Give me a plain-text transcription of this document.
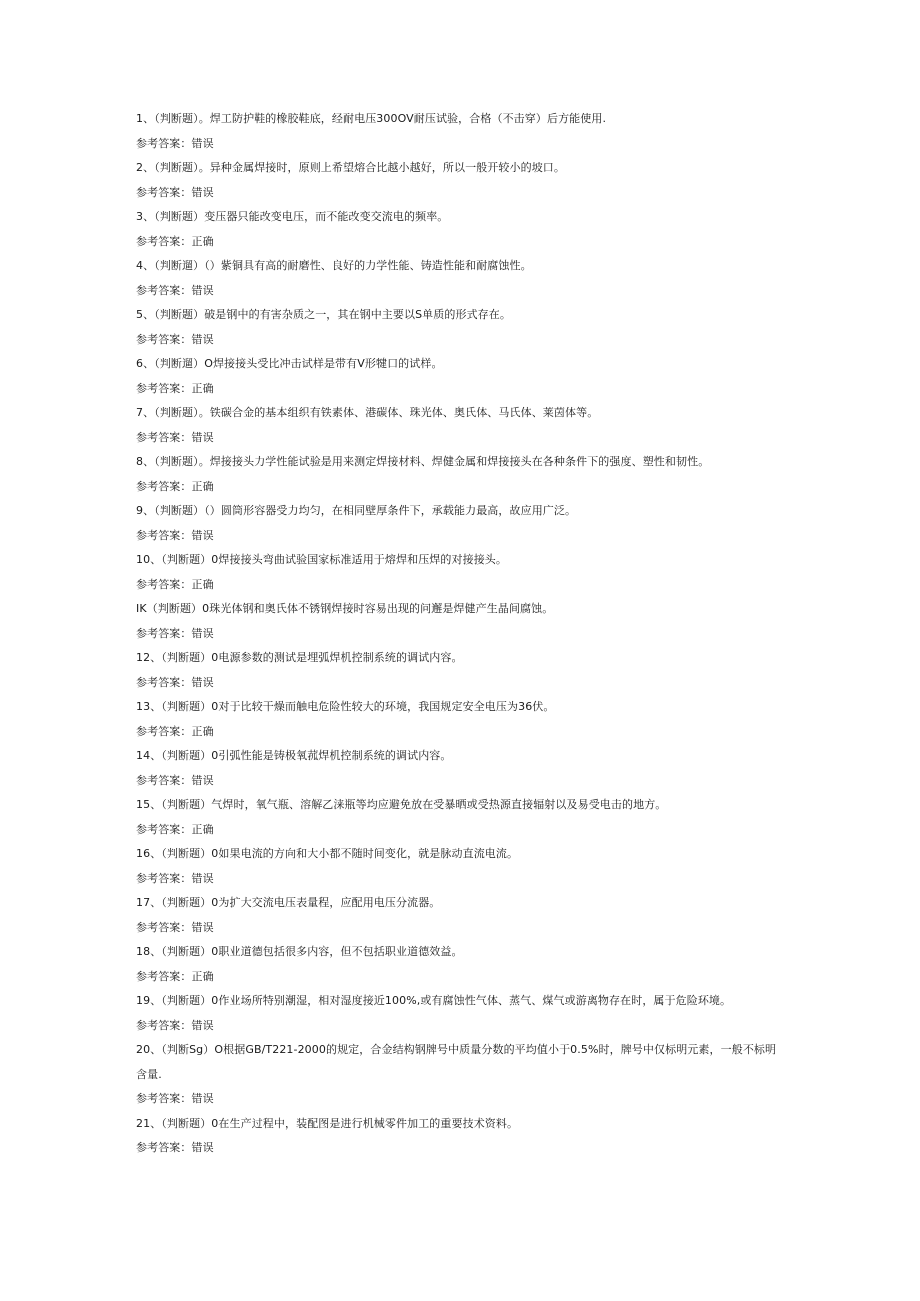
1、（判断题）。焊工防护鞋的橡胶鞋底，经耐电压300OV耐压试验，合格（不击穿）后方能使用.
参考答案：错误
2、（判断题）。异种金属焊接时，原则上希望熔合比越小越好，所以一般开较小的坡口。
参考答案：错误
3、（判断题）变压器只能改变电压，而不能改变交流电的频率。
参考答案：正确
4、（判断遛）（）紫铜具有高的耐磨性、良好的力学性能、铸造性能和耐腐蚀性。
参考答案：错误
5、（判断题）破是钢中的有害杂质之一，其在钢中主要以S单质的形式存在。
参考答案：错误
6、（判断遛）O焊接接头受比冲击试样是带有V形犍口的试样。
参考答案：正确
7、（判断题）。铁碳合金的基本组织有铁素体、港碳体、珠光体、奥氏体、马氏体、莱茵体等。
参考答案：错误
8、（判断题）。焊接接头力学性能试验是用来测定焊接材料、焊健金属和焊接接头在各种条件下的强度、塑性和韧性。
参考答案：正确
9、（判断题）（）圆筒形容器受力均匀，在相同壁厚条件下，承载能力最高，故应用广泛。
参考答案：错误
10、（判断题）0焊接接头弯曲试验国家标准适用于熔焊和压焊的对接接头。
参考答案：正确
IK（判断题）0珠光体钢和奥氏体不锈钢焊接时容易出现的问邂是焊健产生晶间腐蚀。
参考答案：错误
12、（判断题）0电源参数的测试是埋弧焊机控制系统的调试内容。
参考答案：错误
13、（判断题）0对于比较干燥而触电危险性较大的环境，我国规定安全电压为36伏。
参考答案：正确
14、（判断题）0引弧性能是铸极氧菰焊机控制系统的调试内容。
参考答案：错误
15、（判断题）气焊时，氧气瓶、溶解乙涞瓶等均应避免放在受暴晒或受热源直接辐射以及易受电击的地方。
参考答案：正确
16、（判断题）0如果电流的方向和大小都不随时间变化，就是脉动直流电流。
参考答案：错误
17、（判断题）0为扩大交流电压表量程，应配用电压分流器。
参考答案：错误
18、（判断题）0职业道德包括很多内容，但不包括职业道德效益。
参考答案：正确
19、（判断题）0作业场所特别潮湿，相对湿度接近100%,或有腐蚀性气体、蒸气、煤气或游离物存在时，属于危险环境。
参考答案：错误
20、（判断Sg）O根据GB/T221-2000的规定，合金结构钢牌号中质量分数的平均值小于0.5%时，牌号中仅标明元素，一般不标明含量.
参考答案：错误
21、（判断题）0在生产过程中，装配图是进行机械零件加工的重要技术资料。
参考答案：错误
